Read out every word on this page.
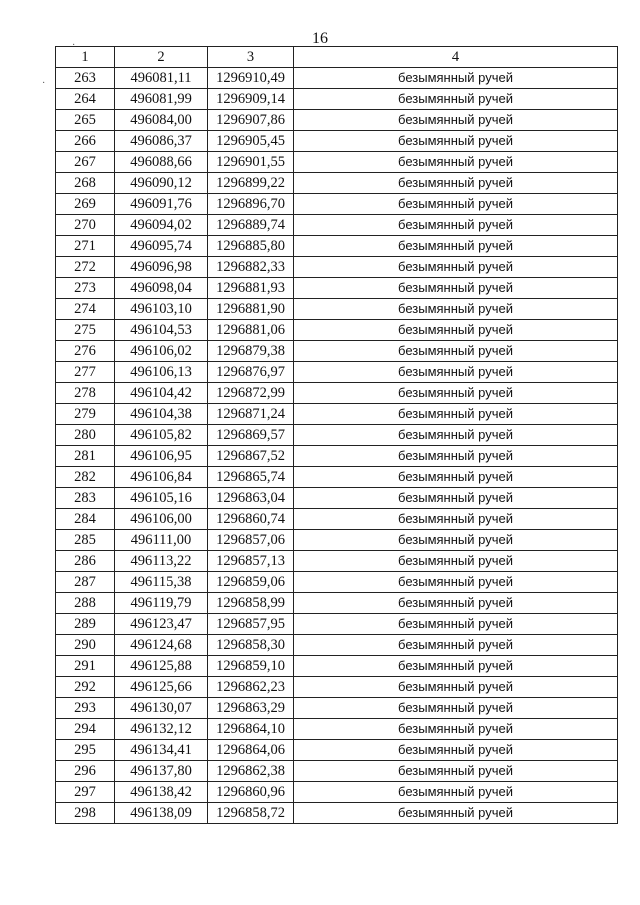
16
·
·
1	2	3	4
263	496081,11	1296910,49	безымянный ручей
264	496081,99	1296909,14	безымянный ручей
265	496084,00	1296907,86	безымянный ручей
266	496086,37	1296905,45	безымянный ручей
267	496088,66	1296901,55	безымянный ручей
268	496090,12	1296899,22	безымянный ручей
269	496091,76	1296896,70	безымянный ручей
270	496094,02	1296889,74	безымянный ручей
271	496095,74	1296885,80	безымянный ручей
272	496096,98	1296882,33	безымянный ручей
273	496098,04	1296881,93	безымянный ручей
274	496103,10	1296881,90	безымянный ручей
275	496104,53	1296881,06	безымянный ручей
276	496106,02	1296879,38	безымянный ручей
277	496106,13	1296876,97	безымянный ручей
278	496104,42	1296872,99	безымянный ручей
279	496104,38	1296871,24	безымянный ручей
280	496105,82	1296869,57	безымянный ручей
281	496106,95	1296867,52	безымянный ручей
282	496106,84	1296865,74	безымянный ручей
283	496105,16	1296863,04	безымянный ручей
284	496106,00	1296860,74	безымянный ручей
285	496111,00	1296857,06	безымянный ручей
286	496113,22	1296857,13	безымянный ручей
287	496115,38	1296859,06	безымянный ручей
288	496119,79	1296858,99	безымянный ручей
289	496123,47	1296857,95	безымянный ручей
290	496124,68	1296858,30	безымянный ручей
291	496125,88	1296859,10	безымянный ручей
292	496125,66	1296862,23	безымянный ручей
293	496130,07	1296863,29	безымянный ручей
294	496132,12	1296864,10	безымянный ручей
295	496134,41	1296864,06	безымянный ручей
296	496137,80	1296862,38	безымянный ручей
297	496138,42	1296860,96	безымянный ручей
298	496138,09	1296858,72	безымянный ручей
